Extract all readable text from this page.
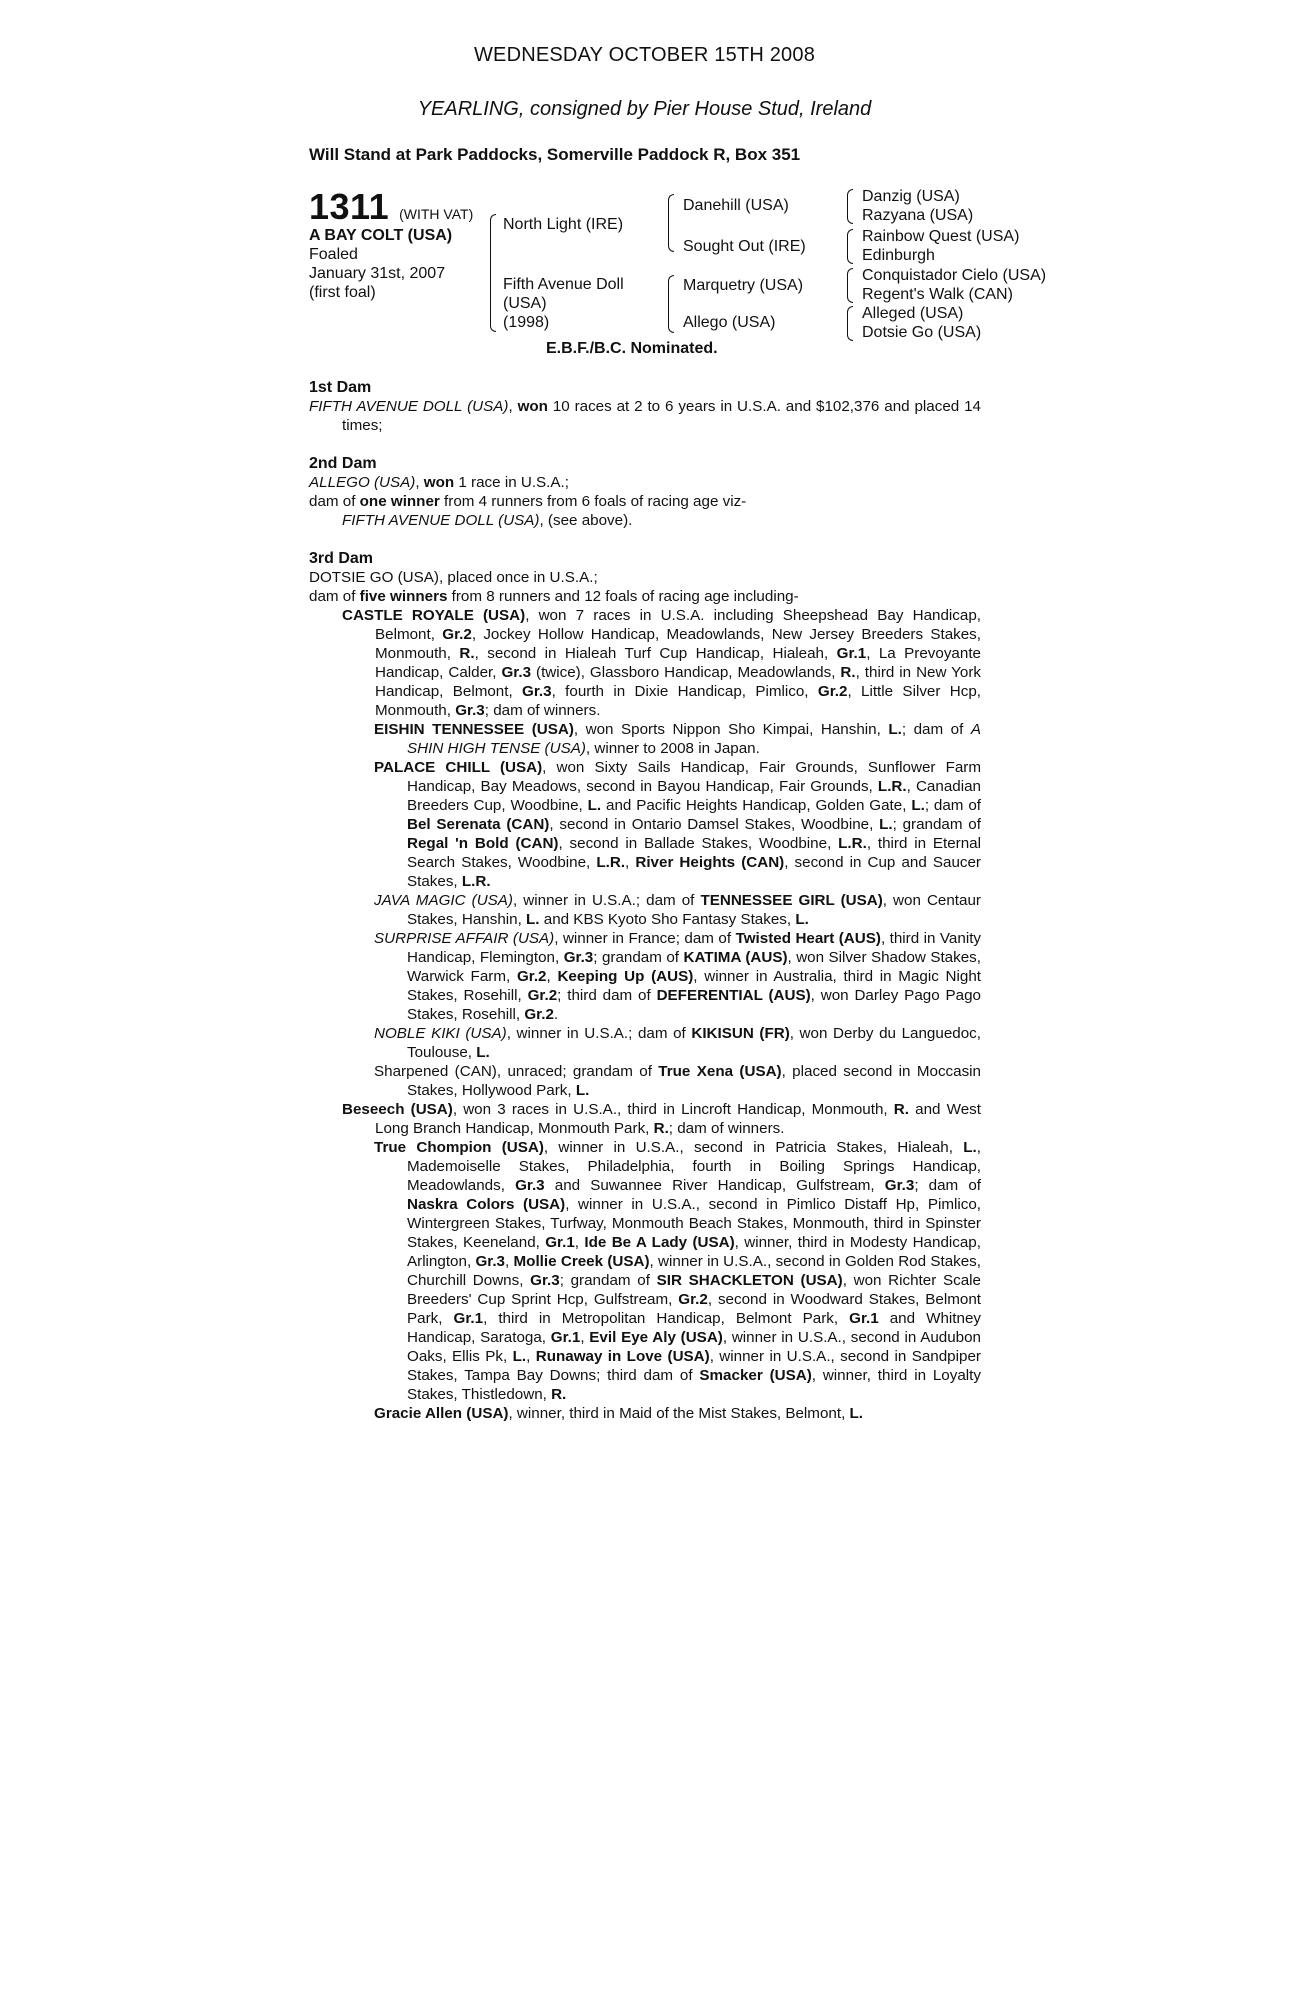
WEDNESDAY OCTOBER 15TH 2008
YEARLING, consigned by Pier House Stud, Ireland
Will Stand at Park Paddocks, Somerville Paddock R, Box 351
1311 (WITH VAT)
A BAY COLT (USA)
Foaled
January 31st, 2007
(first foal)
North Light (IRE)
Fifth Avenue Doll
(USA)
(1998)
Danehill (USA)
Sought Out (IRE)
Marquetry (USA)
Allego (USA)
Danzig (USA)
Razyana (USA)
Rainbow Quest (USA)
Edinburgh
Conquistador Cielo (USA)
Regent's Walk (CAN)
Alleged (USA)
Dotsie Go (USA)
E.B.F./B.C. Nominated.
1st Dam

FIFTH AVENUE DOLL (USA), won 10 races at 2 to 6 years in U.S.A. and $102,376 and placed 14 times;

2nd Dam

ALLEGO (USA), won 1 race in U.S.A.;

dam of one winner from 4 runners from 6 foals of racing age viz-

FIFTH AVENUE DOLL (USA), (see above).

3rd Dam

DOTSIE GO (USA), placed once in U.S.A.;

dam of five winners from 8 runners and 12 foals of racing age including-

CASTLE ROYALE (USA), won 7 races in U.S.A. including Sheepshead Bay Handicap, Belmont, Gr.2, Jockey Hollow Handicap, Meadowlands, New Jersey Breeders Stakes, Monmouth, R., second in Hialeah Turf Cup Handicap, Hialeah, Gr.1, La Prevoyante Handicap, Calder, Gr.3 (twice), Glassboro Handicap, Meadowlands, R., third in New York Handicap, Belmont, Gr.3, fourth in Dixie Handicap, Pimlico, Gr.2, Little Silver Hcp, Monmouth, Gr.3; dam of winners.

EISHIN TENNESSEE (USA), won Sports Nippon Sho Kimpai, Hanshin, L.; dam of A SHIN HIGH TENSE (USA), winner to 2008 in Japan.

PALACE CHILL (USA), won Sixty Sails Handicap, Fair Grounds, Sunflower Farm Handicap, Bay Meadows, second in Bayou Handicap, Fair Grounds, L.R., Canadian Breeders Cup, Woodbine, L. and Pacific Heights Handicap, Golden Gate, L.; dam of Bel Serenata (CAN), second in Ontario Damsel Stakes, Woodbine, L.; grandam of Regal 'n Bold (CAN), second in Ballade Stakes, Woodbine, L.R., third in Eternal Search Stakes, Woodbine, L.R., River Heights (CAN), second in Cup and Saucer Stakes, L.R.

JAVA MAGIC (USA), winner in U.S.A.; dam of TENNESSEE GIRL (USA), won Centaur Stakes, Hanshin, L. and KBS Kyoto Sho Fantasy Stakes, L.

SURPRISE AFFAIR (USA), winner in France; dam of Twisted Heart (AUS), third in Vanity Handicap, Flemington, Gr.3; grandam of KATIMA (AUS), won Silver Shadow Stakes, Warwick Farm, Gr.2, Keeping Up (AUS), winner in Australia, third in Magic Night Stakes, Rosehill, Gr.2; third dam of DEFERENTIAL (AUS), won Darley Pago Pago Stakes, Rosehill, Gr.2.

NOBLE KIKI (USA), winner in U.S.A.; dam of KIKISUN (FR), won Derby du Languedoc, Toulouse, L.

Sharpened (CAN), unraced; grandam of True Xena (USA), placed second in Moccasin Stakes, Hollywood Park, L.

Beseech (USA), won 3 races in U.S.A., third in Lincroft Handicap, Monmouth, R. and West Long Branch Handicap, Monmouth Park, R.; dam of winners.

True Chompion (USA), winner in U.S.A., second in Patricia Stakes, Hialeah, L., Mademoiselle Stakes, Philadelphia, fourth in Boiling Springs Handicap, Meadowlands, Gr.3 and Suwannee River Handicap, Gulfstream, Gr.3; dam of Naskra Colors (USA), winner in U.S.A., second in Pimlico Distaff Hp, Pimlico, Wintergreen Stakes, Turfway, Monmouth Beach Stakes, Monmouth, third in Spinster Stakes, Keeneland, Gr.1, Ide Be A Lady (USA), winner, third in Modesty Handicap, Arlington, Gr.3, Mollie Creek (USA), winner in U.S.A., second in Golden Rod Stakes, Churchill Downs, Gr.3; grandam of SIR SHACKLETON (USA), won Richter Scale Breeders' Cup Sprint Hcp, Gulfstream, Gr.2, second in Woodward Stakes, Belmont Park, Gr.1, third in Metropolitan Handicap, Belmont Park, Gr.1 and Whitney Handicap, Saratoga, Gr.1, Evil Eye Aly (USA), winner in U.S.A., second in Audubon Oaks, Ellis Pk, L., Runaway in Love (USA), winner in U.S.A., second in Sandpiper Stakes, Tampa Bay Downs; third dam of Smacker (USA), winner, third in Loyalty Stakes, Thistledown, R.

Gracie Allen (USA), winner, third in Maid of the Mist Stakes, Belmont, L.
